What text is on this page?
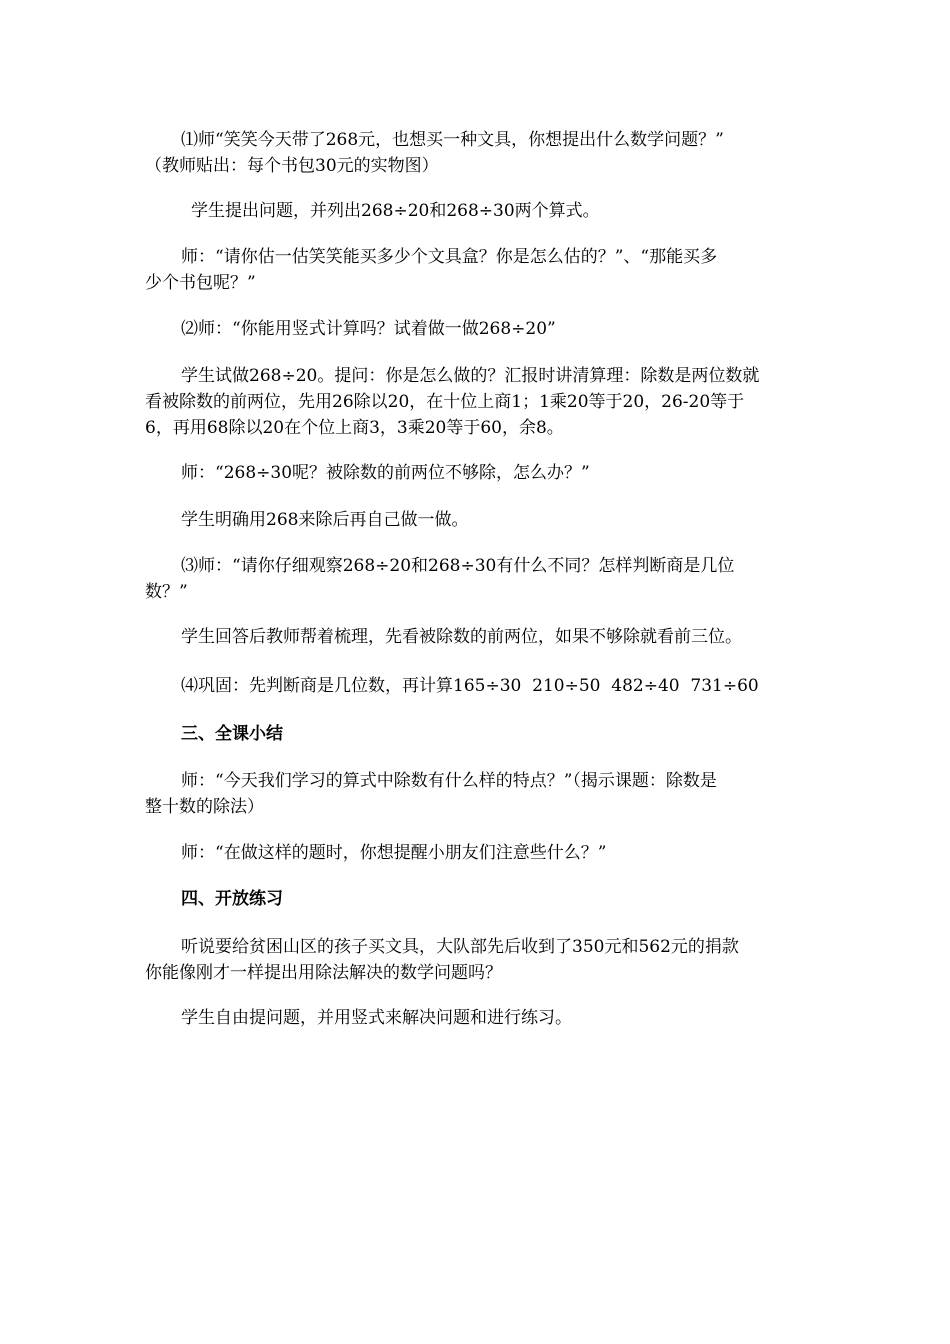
⑴师“笑笑今天带了268元，也想买一种文具，你想提出什么数学问题？”
（教师贴出：每个书包30元的实物图）

学生提出问题，并列出268÷20和268÷30两个算式。

师：“请你估一估笑笑能买多少个文具盒？你是怎么估的？”、“那能买多
少个书包呢？”

⑵师：“你能用竖式计算吗？试着做一做268÷20”

学生试做268÷20。提问：你是怎么做的？汇报时讲清算理：除数是两位数就
看被除数的前两位，先用26除以20，在十位上商1；1乘20等于20，26-20等于
6，再用68除以20在个位上商3，3乘20等于60，余8。

师：“268÷30呢？被除数的前两位不够除，怎么办？”

学生明确用268来除后再自己做一做。

⑶师：“请你仔细观察268÷20和268÷30有什么不同？怎样判断商是几位
数？”

学生回答后教师帮着梳理，先看被除数的前两位，如果不够除就看前三位。

⑷巩固：先判断商是几位数，再计算165÷30  210÷50  482÷40  731÷60

三、全课小结

师：“今天我们学习的算式中除数有什么样的特点？”（揭示课题：除数是
整十数的除法）

师：“在做这样的题时，你想提醒小朋友们注意些什么？”

四、开放练习

听说要给贫困山区的孩子买文具，大队部先后收到了350元和562元的捐款
你能像刚才一样提出用除法解决的数学问题吗？

学生自由提问题，并用竖式来解决问题和进行练习。
